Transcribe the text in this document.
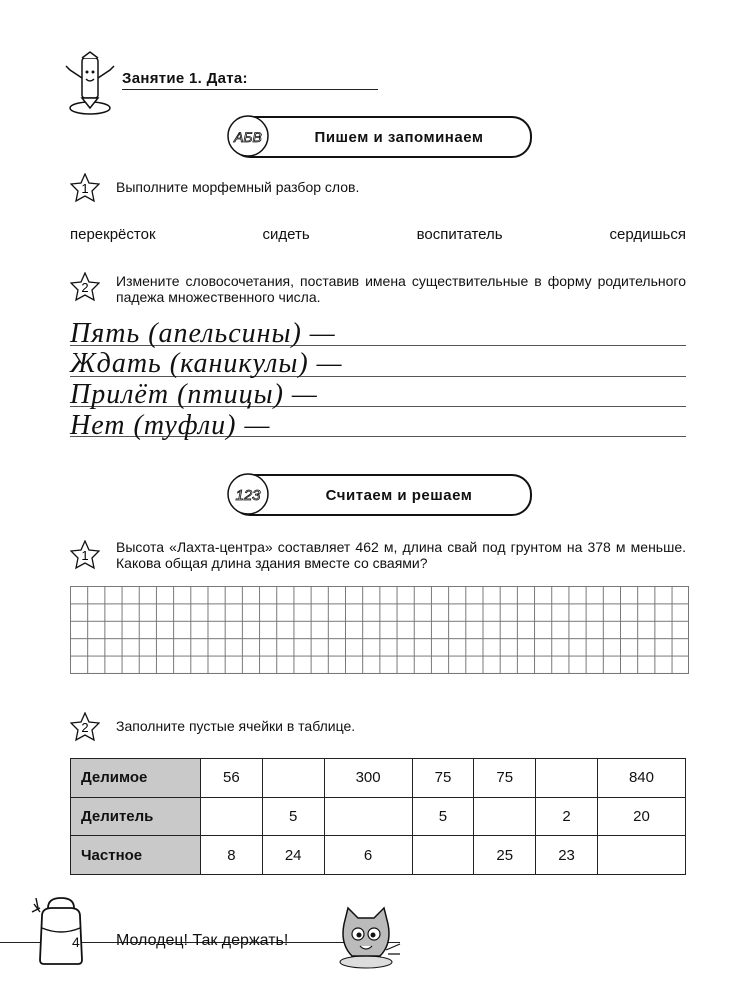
Занятие 1. Дата:
Пишем и запоминаем
АБВ
1 Выполните морфемный разбор слов.
перекрёсток	сидеть	воспитатель	сердишься
2 Измените словосочетания, поставив имена существительные в форму родительного падежа множественного числа.
Пять (апельсины) —
Ждать (каникулы) —
Прилёт (птицы) —
Нет (туфли) —
Считаем и решаем
123
1
Высота «Лахта-центра» составляет 462 м, длина свай под грунтом на 378 м меньше. Какова общая длина здания вместе со сваями?
2 Заполните пустые ячейки в таблице.
Делимое	56		300	75	75		840
Делитель		5		5		2	20
Частное	8	24	6		25	23	
4 Молодец! Так держать!
